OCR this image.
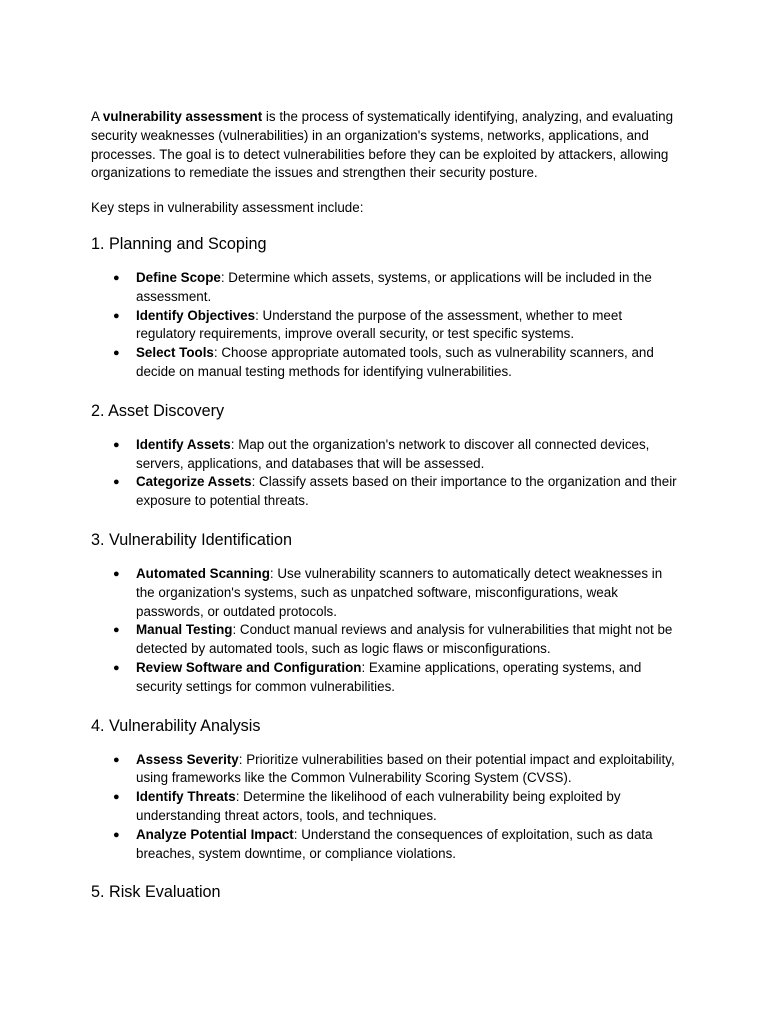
A vulnerability assessment is the process of systematically identifying, analyzing, and evaluating security weaknesses (vulnerabilities) in an organization's systems, networks, applications, and processes. The goal is to detect vulnerabilities before they can be exploited by attackers, allowing organizations to remediate the issues and strengthen their security posture.

Key steps in vulnerability assessment include:

1. Planning and Scoping
● Define Scope: Determine which assets, systems, or applications will be included in the assessment.
● Identify Objectives: Understand the purpose of the assessment, whether to meet regulatory requirements, improve overall security, or test specific systems.
● Select Tools: Choose appropriate automated tools, such as vulnerability scanners, and decide on manual testing methods for identifying vulnerabilities.
2. Asset Discovery
● Identify Assets: Map out the organization's network to discover all connected devices, servers, applications, and databases that will be assessed.
● Categorize Assets: Classify assets based on their importance to the organization and their exposure to potential threats.
3. Vulnerability Identification
● Automated Scanning: Use vulnerability scanners to automatically detect weaknesses in the organization's systems, such as unpatched software, misconfigurations, weak passwords, or outdated protocols.
● Manual Testing: Conduct manual reviews and analysis for vulnerabilities that might not be detected by automated tools, such as logic flaws or misconfigurations.
● Review Software and Configuration: Examine applications, operating systems, and security settings for common vulnerabilities.
4. Vulnerability Analysis
● Assess Severity: Prioritize vulnerabilities based on their potential impact and exploitability, using frameworks like the Common Vulnerability Scoring System (CVSS).
● Identify Threats: Determine the likelihood of each vulnerability being exploited by understanding threat actors, tools, and techniques.
● Analyze Potential Impact: Understand the consequences of exploitation, such as data breaches, system downtime, or compliance violations.
5. Risk Evaluation
